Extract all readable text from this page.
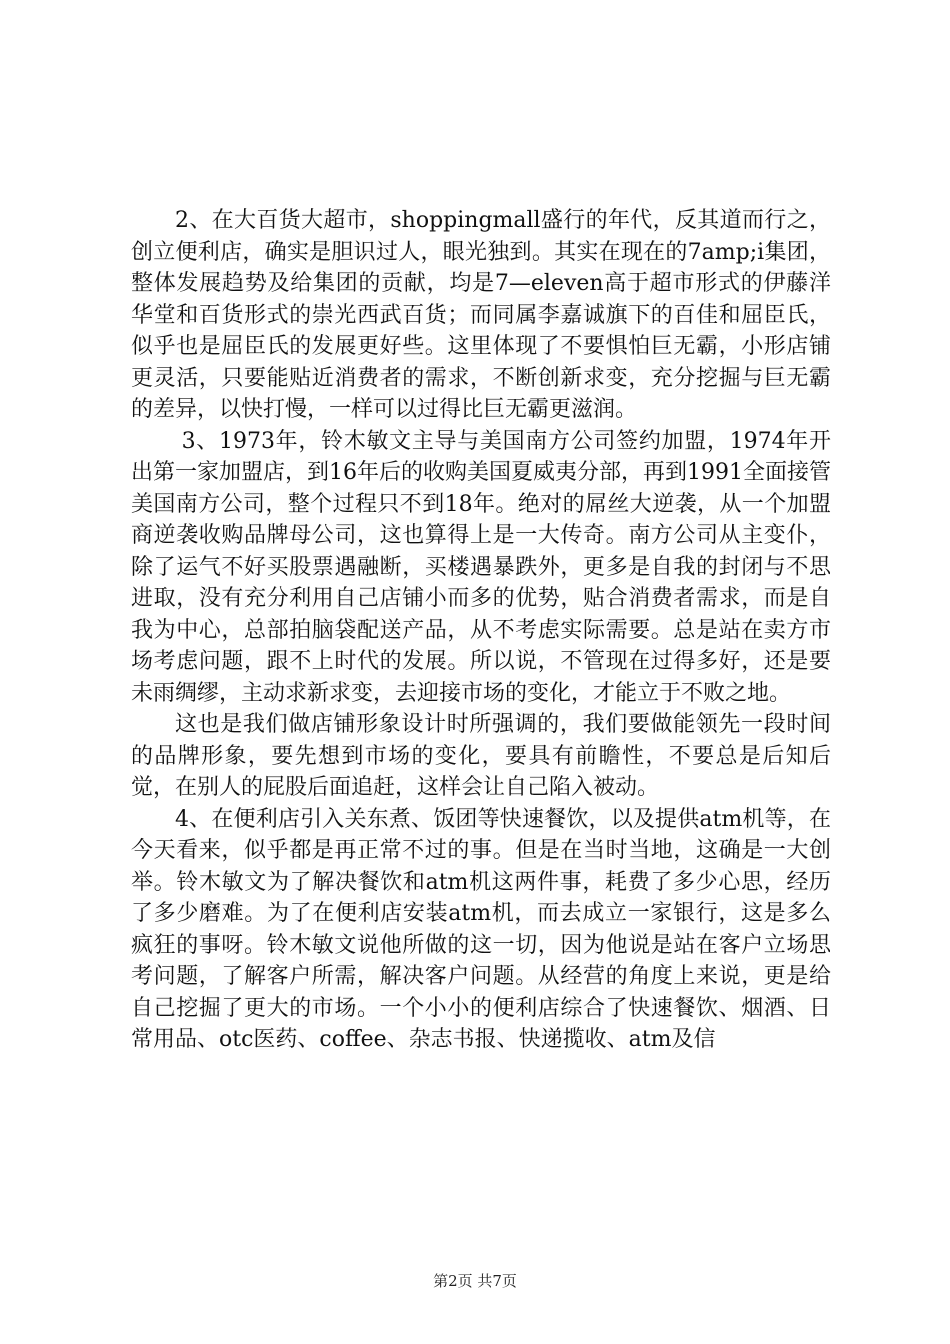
2、在大百货大超市，shoppingmall盛行的年代，反其道而行之，创立便利店，确实是胆识过人，眼光独到。其实在现在的7amp;i集团，整体发展趋势及给集团的贡献，均是7—eleven高于超市形式的伊藤洋华堂和百货形式的崇光西武百货；而同属李嘉诚旗下的百佳和屈臣氏，似乎也是屈臣氏的发展更好些。这里体现了不要惧怕巨无霸，小形店铺更灵活，只要能贴近消费者的需求，不断创新求变，充分挖掘与巨无霸的差异，以快打慢，一样可以过得比巨无霸更滋润。

3、1973年，铃木敏文主导与美国南方公司签约加盟，1974年开出第一家加盟店，到16年后的收购美国夏威夷分部，再到1991全面接管美国南方公司，整个过程只不到18年。绝对的屌丝大逆袭，从一个加盟商逆袭收购品牌母公司，这也算得上是一大传奇。南方公司从主变仆，除了运气不好买股票遇融断，买楼遇暴跌外，更多是自我的封闭与不思进取，没有充分利用自己店铺小而多的优势，贴合消费者需求，而是自我为中心，总部拍脑袋配送产品，从不考虑实际需要。总是站在卖方市场考虑问题，跟不上时代的发展。所以说，不管现在过得多好，还是要未雨绸缪，主动求新求变，去迎接市场的变化，才能立于不败之地。

这也是我们做店铺形象设计时所强调的，我们要做能领先一段时间的品牌形象，要先想到市场的变化，要具有前瞻性，不要总是后知后觉，在别人的屁股后面追赶，这样会让自己陷入被动。

4、在便利店引入关东煮、饭团等快速餐饮，以及提供atm机等，在今天看来，似乎都是再正常不过的事。但是在当时当地，这确是一大创举。铃木敏文为了解决餐饮和atm机这两件事，耗费了多少心思，经历了多少磨难。为了在便利店安装atm机，而去成立一家银行，这是多么疯狂的事呀。铃木敏文说他所做的这一切，因为他说是站在客户立场思考问题，了解客户所需，解决客户问题。从经营的角度上来说，更是给自己挖掘了更大的市场。一个小小的便利店综合了快速餐饮、烟酒、日常用品、otc医药、coffee、杂志书报、快递揽收、atm及信

第2页 共7页
